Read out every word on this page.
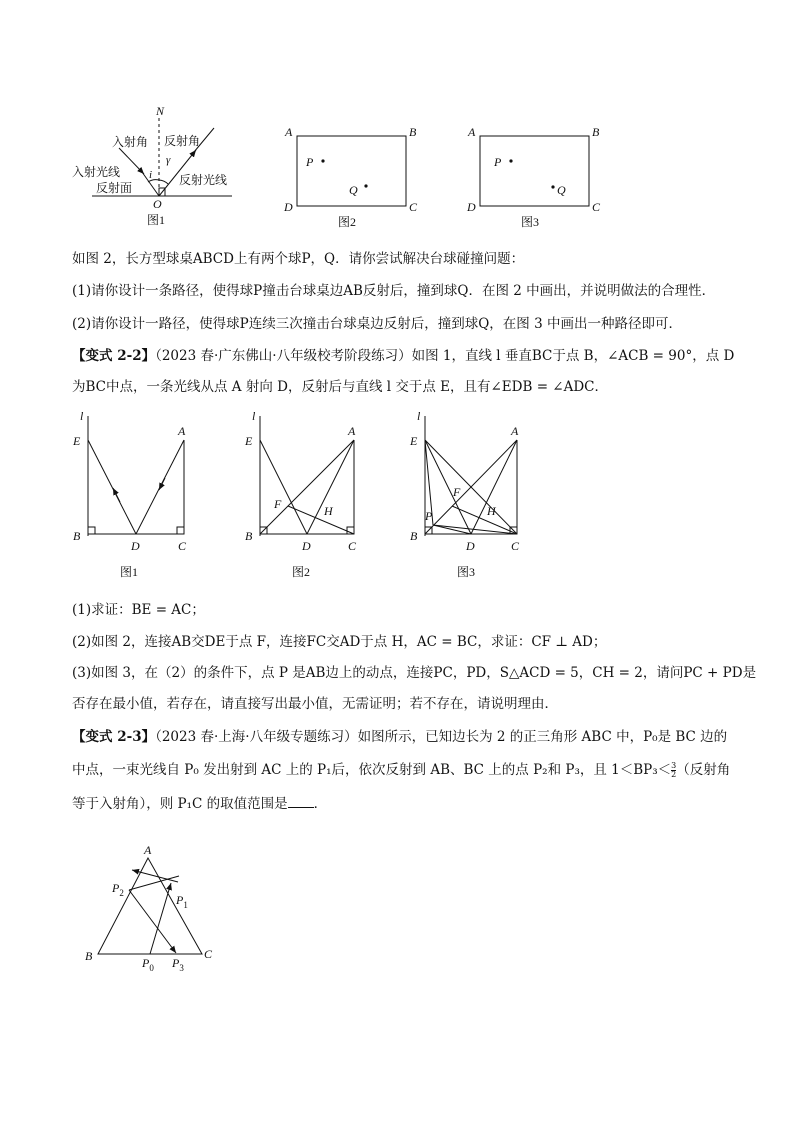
N
入射角 反射角
γ
入射光线	i 反射光线
反射面
O
图1
A	B
D	C
P
Q
图2
A	B
D	C
P
Q
图3
如图 2，长方型球桌ABCD上有两个球P，Q．请你尝试解决台球碰撞问题：
(1)请你设计一条路径，使得球P撞击台球桌边AB反射后，撞到球Q．在图 2 中画出，并说明做法的合理性．
(2)请你设计一路径，使得球P连续三次撞击台球桌边反射后，撞到球Q，在图 3 中画出一种路径即可．
【变式 2-2】（2023 春·广东佛山·八年级校考阶段练习）如图 1，直线 l 垂直BC于点 B，∠ACB = 90°，点 D
为BC中点，一条光线从点 A 射向 D，反射后与直线 l 交于点 E，且有∠EDB = ∠ADC．
l
E
A
B
D	C
图1
l
E
A
F	H
B
D	C
图2
l
E
A
F
H
P
B
D	C
图3
(1)求证：BE = AC；
(2)如图 2，连接AB交DE于点 F，连接FC交AD于点 H，AC = BC，求证：CF ⊥ AD；
(3)如图 3，在（2）的条件下，点 P 是AB边上的动点，连接PC，PD，S△ACD = 5，CH = 2，请问PC + PD是
否存在最小值，若存在，请直接写出最小值，无需证明；若不存在，请说明理由．
【变式 2-3】（2023 春·上海·八年级专题练习）如图所示，已知边长为 2 的正三角形 ABC 中，P₀是 BC 边的
中点，一束光线自 P₀ 发出射到 AC 上的 P₁后，依次反射到 AB、BC 上的点 P₂和 P₃，且 $1<BP_3< \frac{3}{2}$ （反射角
等于入射角），则 P₁C 的取值范围是 ．
A
B	C
$P_2$	$P_1$
$P_0$ $P_3$
